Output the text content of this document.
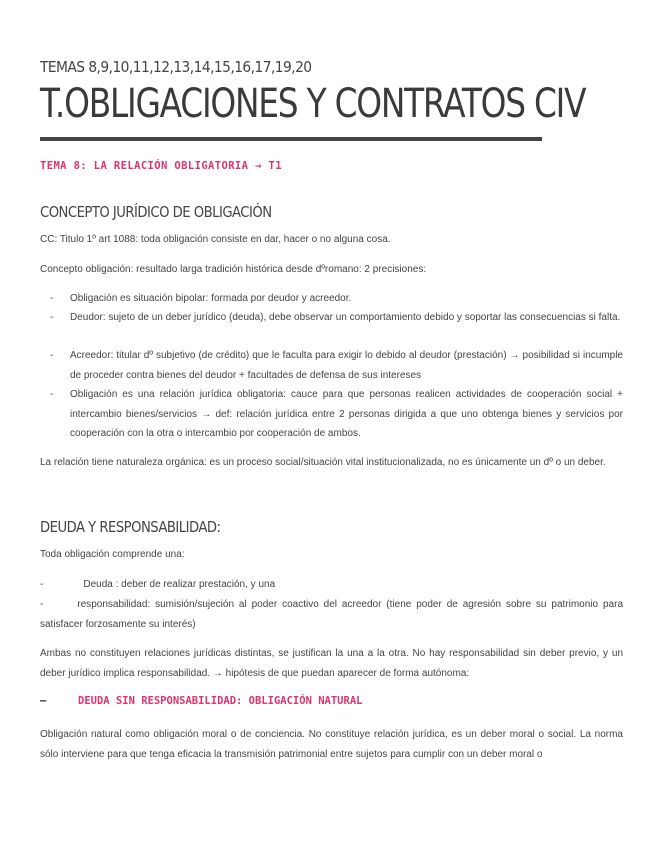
TEMAS 8,9,10,11,12,13,14,15,16,17,19,20
T.OBLIGACIONES Y CONTRATOS CIV
TEMA 8: LA RELACIÓN OBLIGATORIA → T1
CONCEPTO JURÍDICO DE OBLIGACIÓN
CC: Titulo 1º art 1088: toda obligación consiste en dar, hacer o no alguna cosa.
Concepto obligación: resultado larga tradición histórica desde dºromano: 2 precisiones:
- Obligación es situación bipolar: formada por deudor y acreedor.
- Deudor: sujeto de un deber jurídico (deuda), debe observar un comportamiento debido y soportar las consecuencias si falta.
- Acreedor: titular dº subjetivo (de crédito) que le faculta para exigir lo debido al deudor (prestación) → posibilidad si incumple de proceder contra bienes del deudor + facultades de defensa de sus intereses
- Obligación es una relación jurídica obligatoria: cauce para que personas realicen actividades de cooperación social + intercambio bienes/servicios → def: relación jurídica entre 2 personas dirigida a que uno obtenga bienes y servicios por cooperación con la otra o intercambio por cooperación de ambos.
La relación tiene naturaleza orgánica: es un proceso social/situación vital institucionalizada, no es únicamente un dº o un deber.
DEUDA Y RESPONSABILIDAD:
Toda obligación comprende una:
-	Deuda : deber de realizar prestación, y una
-	responsabilidad: sumisión/sujeción al poder coactivo del acreedor (tiene poder de agresión sobre su patrimonio para satisfacer forzosamente su interés)
Ambas no constituyen relaciones jurídicas distintas, se justifican la una a la otra. No hay responsabilidad sin deber previo, y un deber jurídico implica responsabilidad. → hipótesis de que puedan aparecer de forma autónoma:
–	DEUDA SIN RESPONSABILIDAD: OBLIGACIÓN NATURAL
Obligación natural como obligación moral o de conciencia. No constituye relación jurídica, es un deber moral o social. La norma sólo interviene para que tenga eficacia la transmisión patrimonial entre sujetos para cumplir con un deber moral o
